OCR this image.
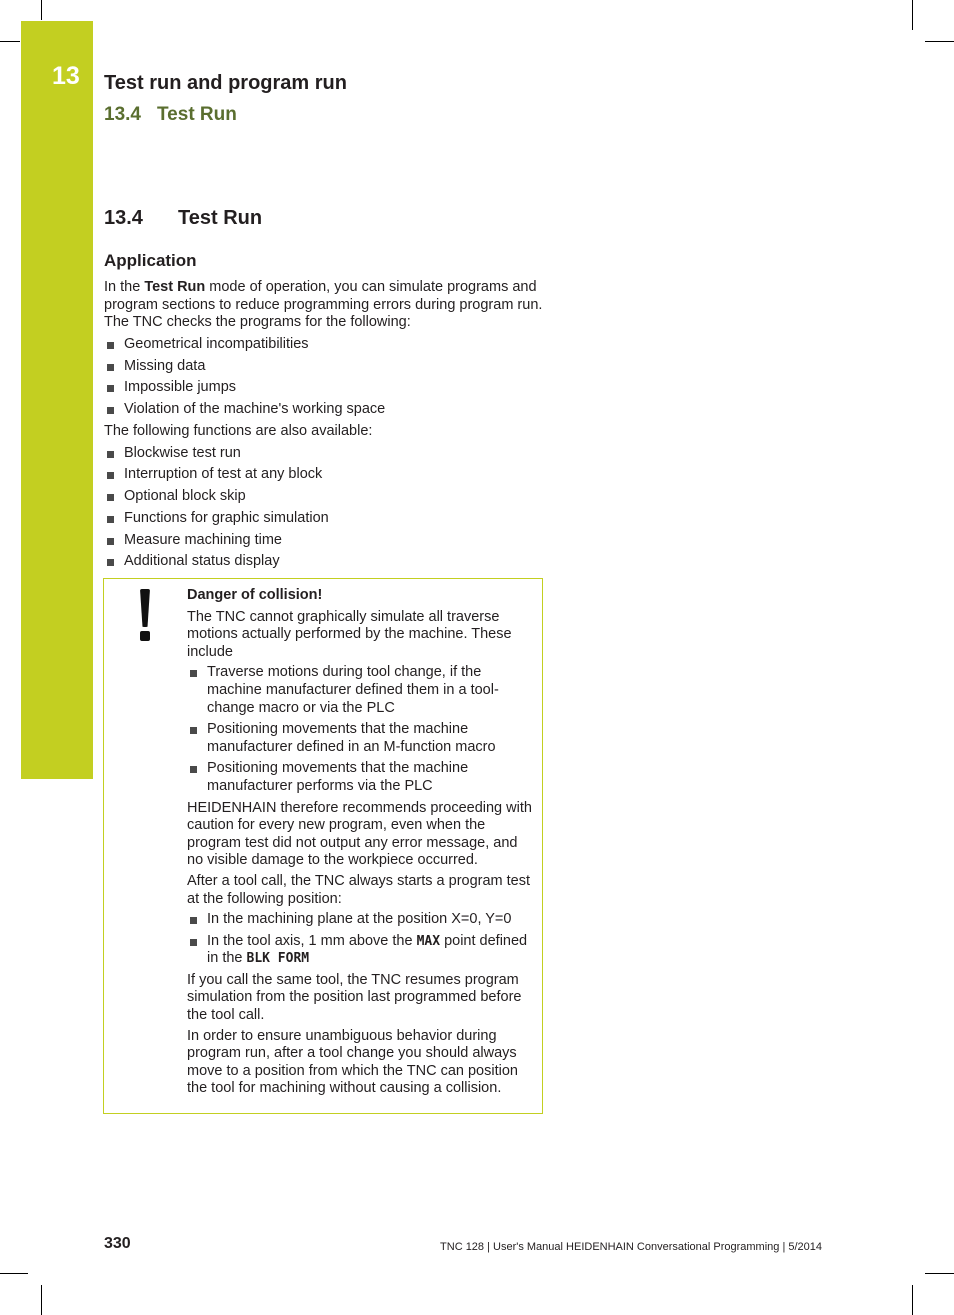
13 Test run and program run
13.4 Test Run
13.4 Test Run
Application

In the Test Run mode of operation, you can simulate programs and program sections to reduce programming errors during program run. The TNC checks the programs for the following:

Geometrical incompatibilities
Missing data
Impossible jumps
Violation of the machine's working space

The following functions are also available:

Blockwise test run
Interruption of test at any block
Optional block skip
Functions for graphic simulation
Measure machining time
Additional status display

Danger of collision!

The TNC cannot graphically simulate all traverse motions actually performed by the machine. These include

Traverse motions during tool change, if the machine manufacturer defined them in a tool-change macro or via the PLC
Positioning movements that the machine manufacturer defined in an M-function macro
Positioning movements that the machine manufacturer performs via the PLC

HEIDENHAIN therefore recommends proceeding with caution for every new program, even when the program test did not output any error message, and no visible damage to the workpiece occurred.

After a tool call, the TNC always starts a program test at the following position:

In the machining plane at the position X=0, Y=0
In the tool axis, 1 mm above the MAX point defined in the BLK FORM

If you call the same tool, the TNC resumes program simulation from the position last programmed before the tool call.

In order to ensure unambiguous behavior during program run, after a tool change you should always move to a position from which the TNC can position the tool for machining without causing a collision.

330	TNC 128 | User's Manual HEIDENHAIN Conversational Programming | 5/2014
